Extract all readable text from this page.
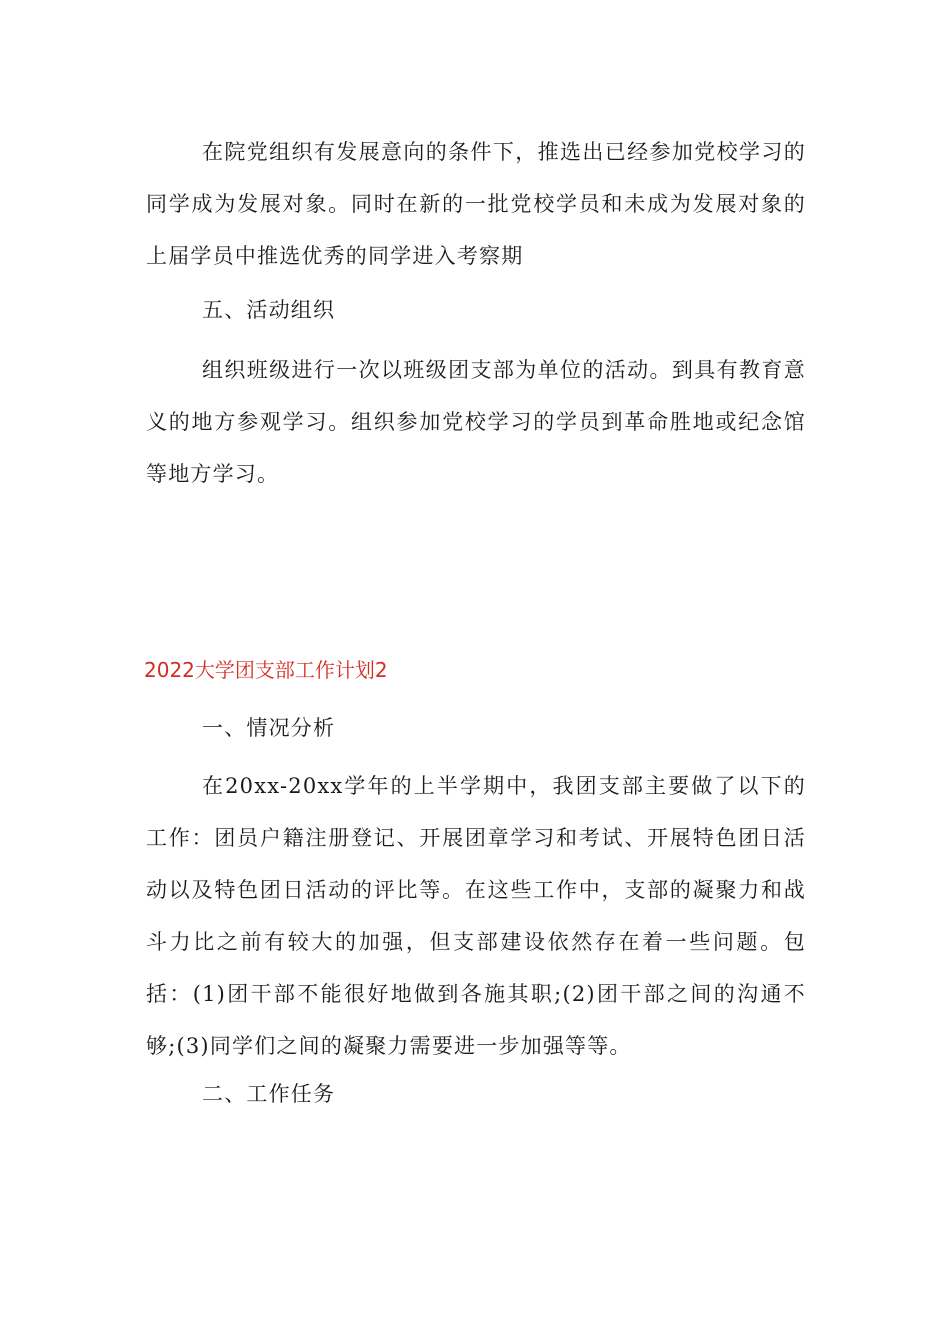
在院党组织有发展意向的条件下，推选出已经参加党校学习的同学成为发展对象。同时在新的一批党校学员和未成为发展对象的上届学员中推选优秀的同学进入考察期

五、活动组织

组织班级进行一次以班级团支部为单位的活动。到具有教育意义的地方参观学习。组织参加党校学习的学员到革命胜地或纪念馆等地方学习。

2022大学团支部工作计划2

一、情况分析

在20xx-20xx学年的上半学期中，我团支部主要做了以下的工作：团员户籍注册登记、开展团章学习和考试、开展特色团日活动以及特色团日活动的评比等。在这些工作中，支部的凝聚力和战斗力比之前有较大的加强，但支部建设依然存在着一些问题。包括：(1)团干部不能很好地做到各施其职;(2)团干部之间的沟通不够;(3)同学们之间的凝聚力需要进一步加强等等。

二、工作任务
